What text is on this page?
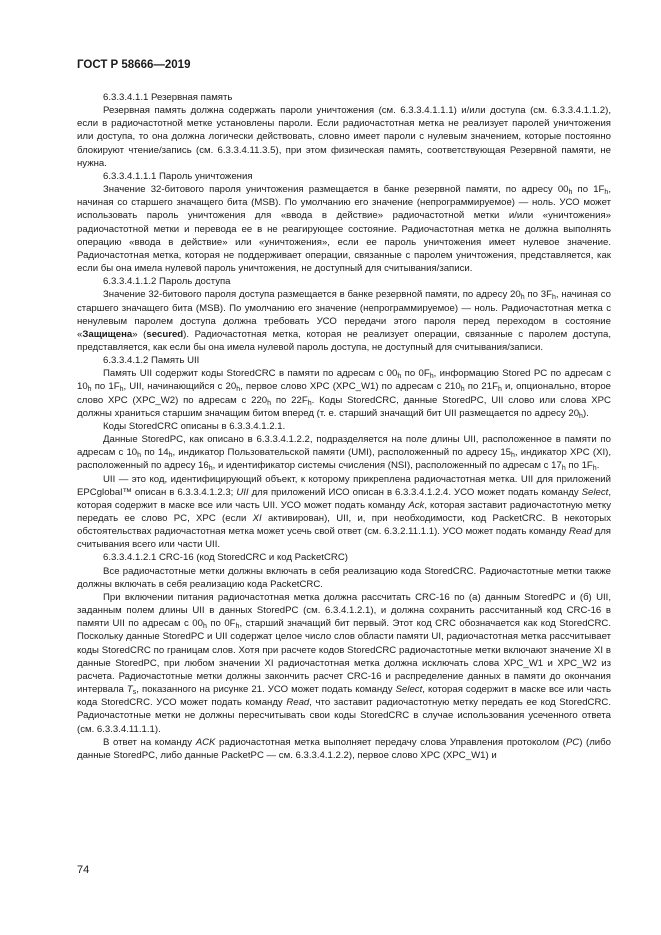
ГОСТ Р 58666—2019

6.3.3.4.1.1 Резервная память

Резервная память должна содержать пароли уничтожения (см. 6.3.3.4.1.1.1) и/или доступа (см. 6.3.3.4.1.1.2), если в радиочастотной метке установлены пароли. Если радиочастотная метка не реализует паролей уничтожения или доступа, то она должна логически действовать, словно имеет пароли с нулевым значением, которые постоянно блокируют чтение/запись (см. 6.3.3.4.11.3.5), при этом физическая память, соответствующая Резервной памяти, не нужна.

6.3.3.4.1.1.1 Пароль уничтожения

Значение 32-битового пароля уничтожения размещается в банке резервной памяти, по адресу $00_h$ по $1F_h$, начиная со старшего значащего бита (MSB). По умолчанию его значение (непрограммируемое) — ноль. УСО может использовать пароль уничтожения для «ввода в действие» радиочастотной метки и/или «уничтожения» радиочастотной метки и перевода ее в не реагирующее состояние. Радиочастотная метка не должна выполнять операцию «ввода в действие» или «уничтожения», если ее пароль уничтожения имеет нулевое значение. Радиочастотная метка, которая не поддерживает операции, связанные с паролем уничтожения, представляется, как если бы она имела нулевой пароль уничтожения, не доступный для считывания/записи.

6.3.3.4.1.1.2 Пароль доступа

Значение 32-битового пароля доступа размещается в банке резервной памяти, по адресу $20_h$ по $3F_h$, начиная со старшего значащего бита (MSB). По умолчанию его значение (непрограммируемое) — ноль. Радиочастотная метка с ненулевым паролем доступа должна требовать УСО передачи этого пароля перед переходом в состояние «Защищена» (secured). Радиочастотная метка, которая не реализует операции, связанные с паролем доступа, представляется, как если бы она имела нулевой пароль доступа, не доступный для считывания/записи.

6.3.3.4.1.2 Память UII

Память UII содержит коды StoredCRC в памяти по адресам с $00_h$ по $0F_h$, информацию Stored PC по адресам с $10_h$ по $1F_h$, UII, начинающийся с $20_h$, первое слово XPC (XPC_W1) по адресам с $210_h$ по $21F_h$ и, опционально, второе слово XPC (XPC_W2) по адресам с $220_h$ по $22F_h$. Коды StoredCRC, данные StoredPC, UII слово или слова XPC должны храниться старшим значащим битом вперед (т. е. старший значащий бит UII размещается по адресу $20_h$).

Коды StoredCRC описаны в 6.3.3.4.1.2.1.

Данные StoredPC, как описано в 6.3.3.4.1.2.2, подразделяется на поле длины UII, расположенное в памяти по адресам с $10_h$ по $14_h$, индикатор Пользовательской памяти (UMI), расположенный по адресу $15_h$, индикатор XPC (XI), расположенный по адресу $16_h$, и идентификатор системы счисления (NSI), расположенный по адресам с $17_h$ по $1F_h$.

UII — это код, идентифицирующий объект, к которому прикреплена радиочастотная метка. UII для приложений EPCglobal™ описан в 6.3.3.4.1.2.3; UII для приложений ИСО описан в 6.3.3.4.1.2.4. УСО может подать команду Select, которая содержит в маске все или часть UII. УСО может подать команду Ack, которая заставит радиочастотную метку передать ее слово PC, XPC (если XI активирован), UII, и, при необходимости, код PacketCRC. В некоторых обстоятельствах радиочастотная метка может усечь свой ответ (см. 6.3.2.11.1.1). УСО может подать команду Read для считывания всего или части UII.

6.3.3.4.1.2.1 CRC-16 (код StoredCRC и код PacketCRC)

Все радиочастотные метки должны включать в себя реализацию кода StoredCRC. Радиочастотные метки также должны включать в себя реализацию кода PacketCRC.

При включении питания радиочастотная метка должна рассчитать CRC-16 по (а) данным StoredPC и (б) UII, заданным полем длины UII в данных StoredPC (см. 6.3.4.1.2.1), и должна сохранить рассчитанный код CRC-16 в памяти UII по адресам с $00_h$ по $0F_h$, старший значащий бит первый. Этот код CRC обозначается как код StoredCRC. Поскольку данные StoredPC и UII содержат целое число слов области памяти UI, радиочастотная метка рассчитывает коды StoredCRC по границам слов. Хотя при расчете кодов StoredCRC радиочастотные метки включают значение XI в данные StoredPC, при любом значении XI радиочастотная метка должна исключать слова XPC_W1 и XPC_W2 из расчета. Радиочастотные метки должны закончить расчет CRC-16 и распределение данных в памяти до окончания интервала $T_s$, показанного на рисунке 21. УСО может подать команду Select, которая содержит в маске все или часть кода StoredCRC. УСО может подать команду Read, что заставит радиочастотную метку передать ее код StoredCRC. Радиочастотные метки не должны пересчитывать свои коды StoredCRC в случае использования усеченного ответа (см. 6.3.3.4.11.1.1).

В ответ на команду ACK радиочастотная метка выполняет передачу слова Управления протоколом (PC) (либо данные StoredPC, либо данные PacketPC — см. 6.3.3.4.1.2.2), первое слово XPC (XPC_W1) и

74
